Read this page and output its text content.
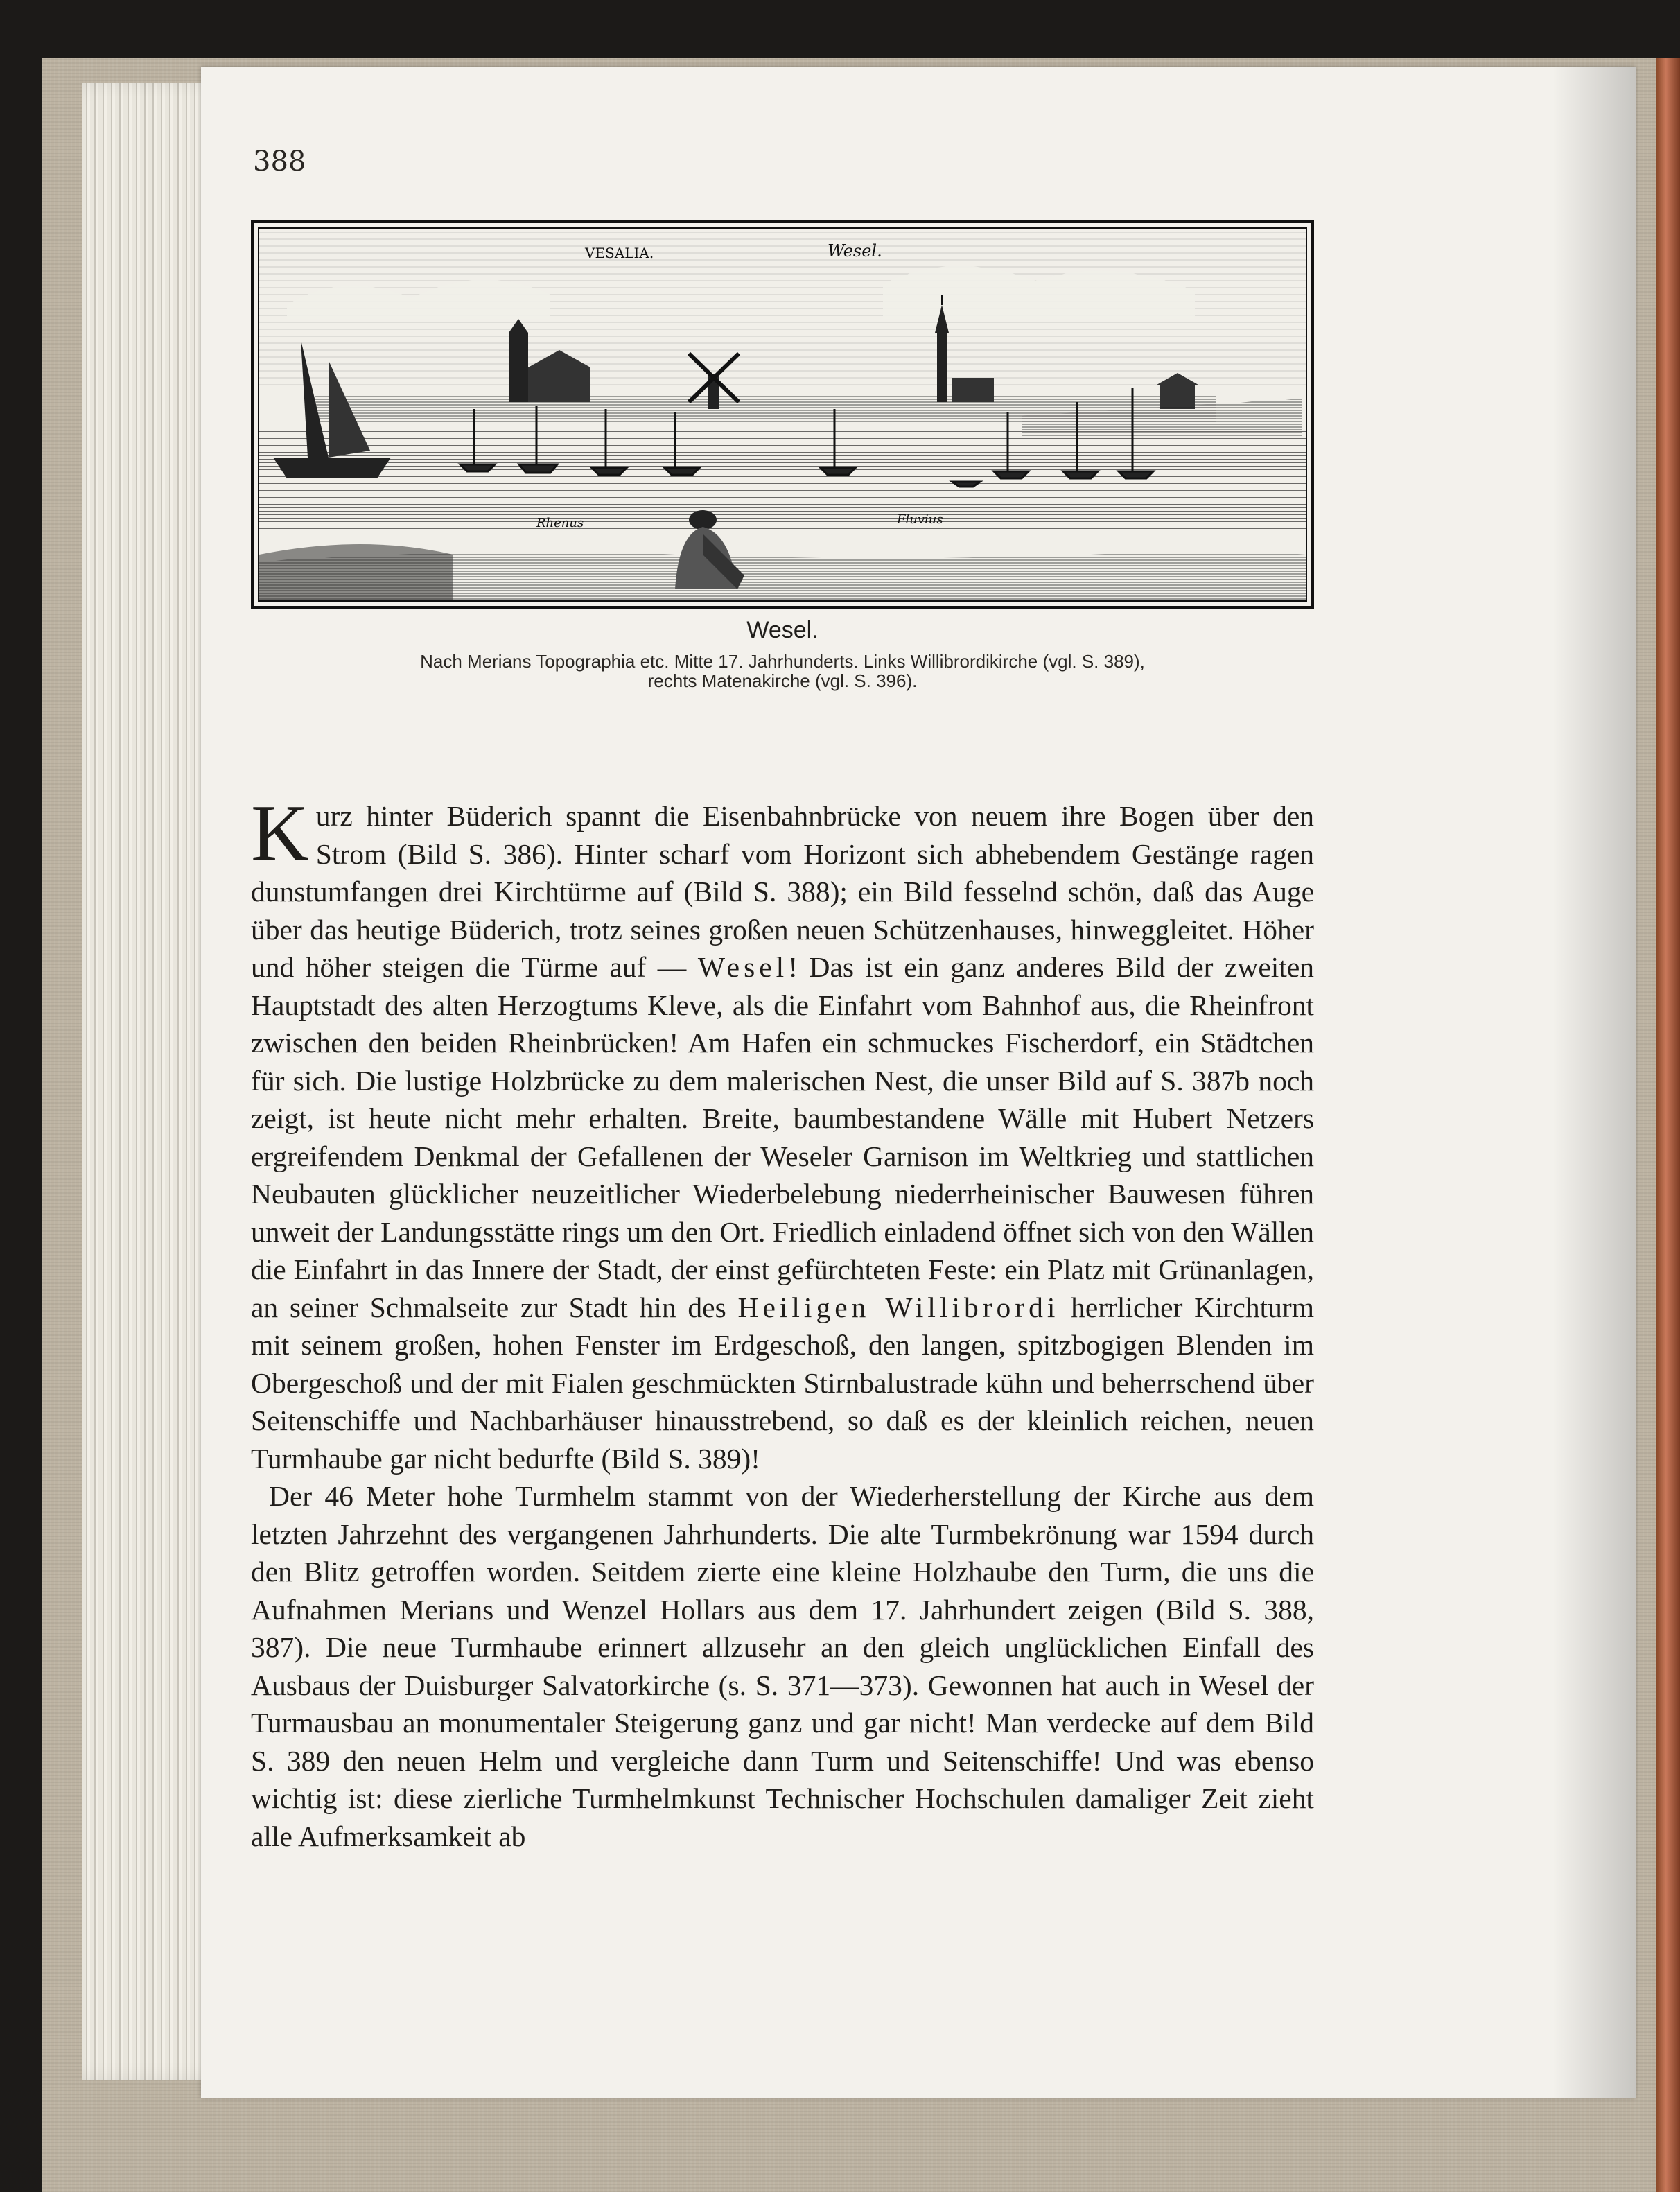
388
VESALIA.	Wesel.
Rhenus	Fluvius
Wesel.
Nach Merians Topographia etc. Mitte 17. Jahrhunderts. Links Willibrordikirche (vgl. S. 389),
rechts Matenakirche (vgl. S. 396).

Kurz hinter Büderich spannt die Eisenbahnbrücke von neuem ihre Bogen über den Strom (Bild S. 386). Hinter scharf vom Horizont sich abhebendem Gestänge ragen dunstumfangen drei Kirchtürme auf (Bild S. 388); ein Bild fesselnd schön, daß das Auge über das heutige Büderich, trotz seines großen neuen Schützenhauses, hinweggleitet. Höher und höher steigen die Türme auf — Wesel! Das ist ein ganz anderes Bild der zweiten Hauptstadt des alten Herzogtums Kleve, als die Einfahrt vom Bahnhof aus, die Rheinfront zwischen den beiden Rheinbrücken! Am Hafen ein schmuckes Fischerdorf, ein Städtchen für sich. Die lustige Holzbrücke zu dem malerischen Nest, die unser Bild auf S. 387b noch zeigt, ist heute nicht mehr erhalten. Breite, baumbestandene Wälle mit Hubert Netzers ergreifendem Denkmal der Gefallenen der Weseler Garnison im Weltkrieg und stattlichen Neubauten glücklicher neuzeitlicher Wiederbelebung niederrheinischer Bauwesen führen unweit der Landungsstätte rings um den Ort. Friedlich einladend öffnet sich von den Wällen die Einfahrt in das Innere der Stadt, der einst gefürchteten Feste: ein Platz mit Grünanlagen, an seiner Schmalseite zur Stadt hin des Heiligen Willibrordi herrlicher Kirchturm mit seinem großen, hohen Fenster im Erdgeschoß, den langen, spitzbogigen Blenden im Obergeschoß und der mit Fialen geschmückten Stirnbalustrade kühn und beherrschend über Seitenschiffe und Nachbarhäuser hinausstrebend, so daß es der kleinlich reichen, neuen Turmhaube gar nicht bedurfte (Bild S. 389)!

Der 46 Meter hohe Turmhelm stammt von der Wiederherstellung der Kirche aus dem letzten Jahrzehnt des vergangenen Jahrhunderts. Die alte Turmbekrönung war 1594 durch den Blitz getroffen worden. Seitdem zierte eine kleine Holzhaube den Turm, die uns die Aufnahmen Merians und Wenzel Hollars aus dem 17. Jahrhundert zeigen (Bild S. 388, 387). Die neue Turmhaube erinnert allzusehr an den gleich unglücklichen Einfall des Ausbaus der Duisburger Salvatorkirche (s. S. 371—373). Gewonnen hat auch in Wesel der Turmausbau an monumentaler Steigerung ganz und gar nicht! Man verdecke auf dem Bild S. 389 den neuen Helm und vergleiche dann Turm und Seitenschiffe! Und was ebenso wichtig ist: diese zierliche Turmhelmkunst Technischer Hochschulen damaliger Zeit zieht alle Aufmerksamkeit ab
